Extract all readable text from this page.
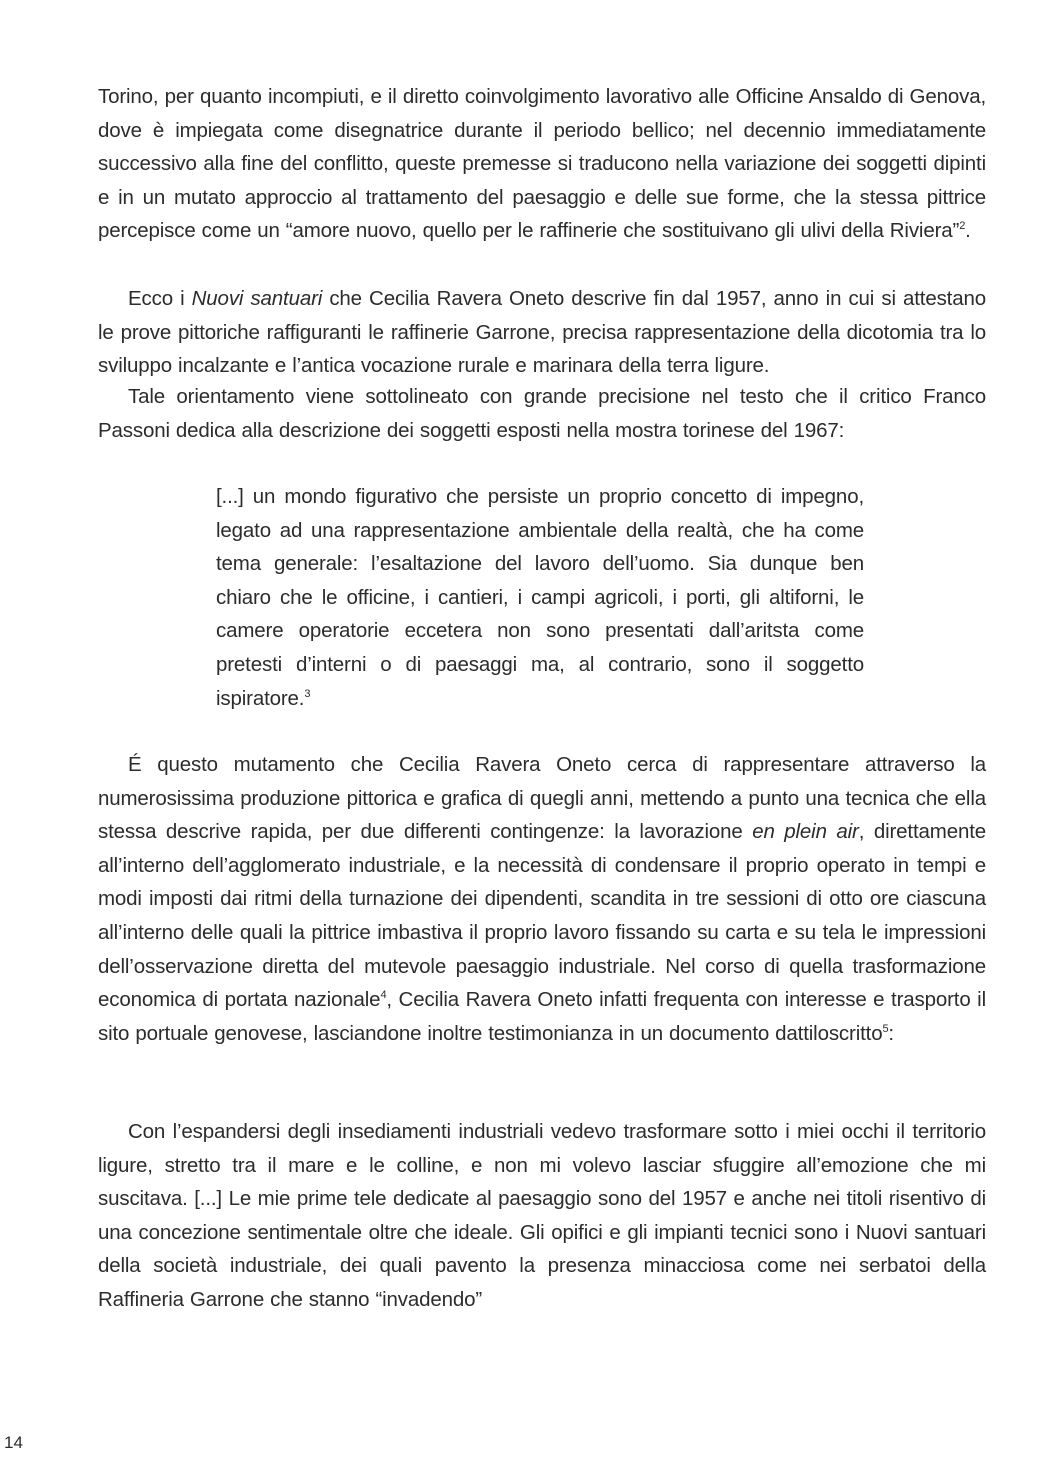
Torino, per quanto incompiuti, e il diretto coinvolgimento lavorativo alle Officine Ansaldo di Genova, dove è impiegata come disegnatrice durante il periodo bellico; nel decennio immediatamente successivo alla fine del conflitto, queste premesse si traducono nella variazione dei soggetti dipinti e in un mutato approccio al trattamento del paesaggio e delle sue forme, che la stessa pittrice percepisce come un “amore nuovo, quello per le raffinerie che sostituivano gli ulivi della Riviera”$^2$.

Ecco i Nuovi santuari che Cecilia Ravera Oneto descrive fin dal 1957, anno in cui si attestano le prove pittoriche raffiguranti le raffinerie Garrone, precisa rappresentazione della dicotomia tra lo sviluppo incalzante e l’antica vocazione rurale e marinara della terra ligure.

Tale orientamento viene sottolineato con grande precisione nel testo che il critico Franco Passoni dedica alla descrizione dei soggetti esposti nella mostra torinese del 1967:

[...] un mondo figurativo che persiste un proprio concetto di impegno, legato ad una rappresentazione ambientale della realtà, che ha come tema generale: l’esaltazione del lavoro dell’uomo. Sia dunque ben chiaro che le officine, i cantieri, i campi agricoli, i porti, gli altiforni, le camere operatorie eccetera non sono presentati dall’aritsta come pretesti d’interni o di paesaggi ma, al contrario, sono il soggetto ispiratore.$^3$

É questo mutamento che Cecilia Ravera Oneto cerca di rappresentare attraverso la numerosissima produzione pittorica e grafica di quegli anni, mettendo a punto una tecnica che ella stessa descrive rapida, per due differenti contingenze: la lavorazione en plein air, direttamente all’interno dell’agglomerato industriale, e la necessità di condensare il proprio operato in tempi e modi imposti dai ritmi della turnazione dei dipendenti, scandita in tre sessioni di otto ore ciascuna all’interno delle quali la pittrice imbastiva il proprio lavoro fissando su carta e su tela le impressioni dell’osservazione diretta del mutevole paesaggio industriale. Nel corso di quella trasformazione economica di portata nazionale$^4$, Cecilia Ravera Oneto infatti frequenta con interesse e trasporto il sito portuale genovese, lasciandone inoltre testimonianza in un documento dattiloscritto$^5$:

Con l’espandersi degli insediamenti industriali vedevo trasformare sotto i miei occhi il territorio ligure, stretto tra il mare e le colline, e non mi volevo lasciar sfuggire all’emozione che mi suscitava. [...] Le mie prime tele dedicate al paesaggio sono del 1957 e anche nei titoli risentivo di una concezione sentimentale oltre che ideale. Gli opifici e gli impianti tecnici sono i Nuovi santuari della società industriale, dei quali pavento la presenza minacciosa come nei serbatoi della Raffineria Garrone che stanno “invadendo”

14
